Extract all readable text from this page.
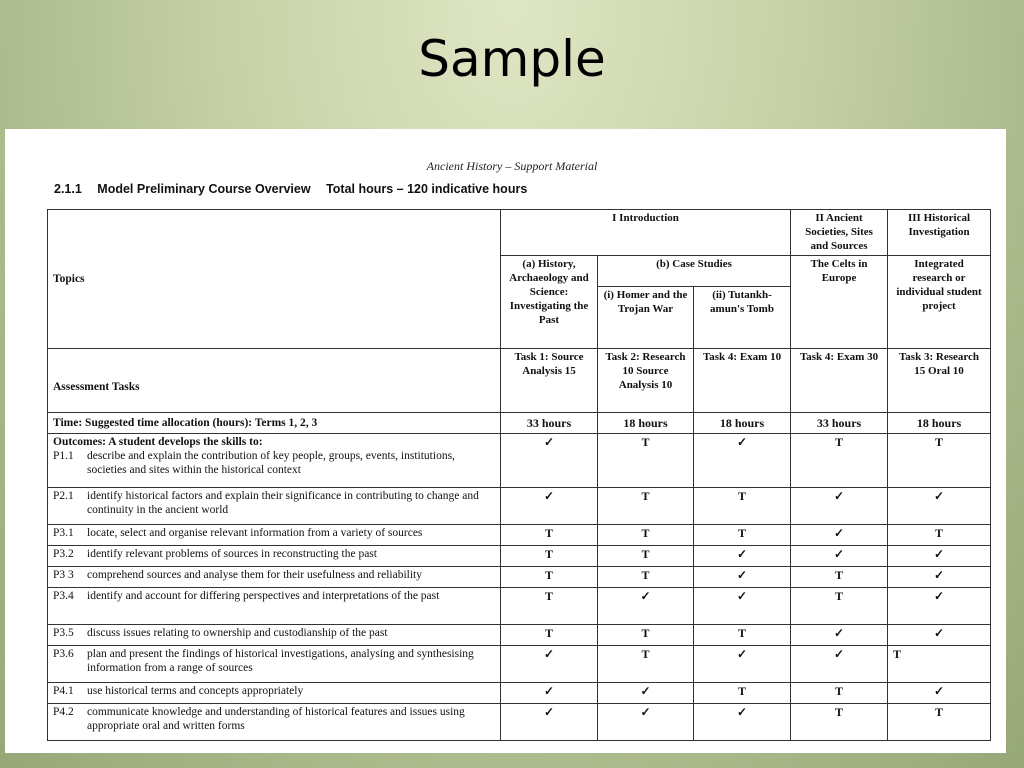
Sample
Ancient History – Support Material
2.1.1 Model Preliminary Course Overview Total hours – 120 indicative hours
Topics	I Introduction			II Ancient Societies, Sites and Sources	III Historical Investigation
	(a) History, Archaeology and Science: Investigating the Past	(b) Case Studies		The Celts in Europe	Integrated research or individual student project
		(i) Homer and the Trojan War	(ii) Tutankh-amun's Tomb		
Assessment Tasks	Task 1: Source Analysis 15	Task 2: Research 10 Source Analysis 10	Task 4: Exam 10	Task 4: Exam 30	Task 3: Research 15 Oral 10
Time: Suggested time allocation (hours): Terms 1, 2, 3	33 hours	18 hours	18 hours	33 hours	18 hours

Outcomes: A student develops the skills to:
P1.1 describe and explain the contribution of key people, groups, events, institutions, societies and sites within the historical context	✓	T	✓	T	T

P2.1 identify historical factors and explain their significance in contributing to change and continuity in the ancient world	✓	T	T	✓	✓

P3.1 locate, select and organise relevant information from a variety of sources	T	T	T	✓	T

P3.2 identify relevant problems of sources in reconstructing the past	T	T	✓	✓	✓

P3 3 comprehend sources and analyse them for their usefulness and reliability	T	T	✓	T	✓

P3.4 identify and account for differing perspectives and interpretations of the past	T	✓	✓	T	✓

P3.5 discuss issues relating to ownership and custodianship of the past	T	T	T	✓	✓

P3.6 plan and present the findings of historical investigations, analysing and synthesising information from a range of sources	✓	T	✓	✓	T

P4.1 use historical terms and concepts appropriately	✓	✓	T	T	✓

P4.2 communicate knowledge and understanding of historical features and issues using appropriate oral and written forms	✓	✓	✓	T	T
